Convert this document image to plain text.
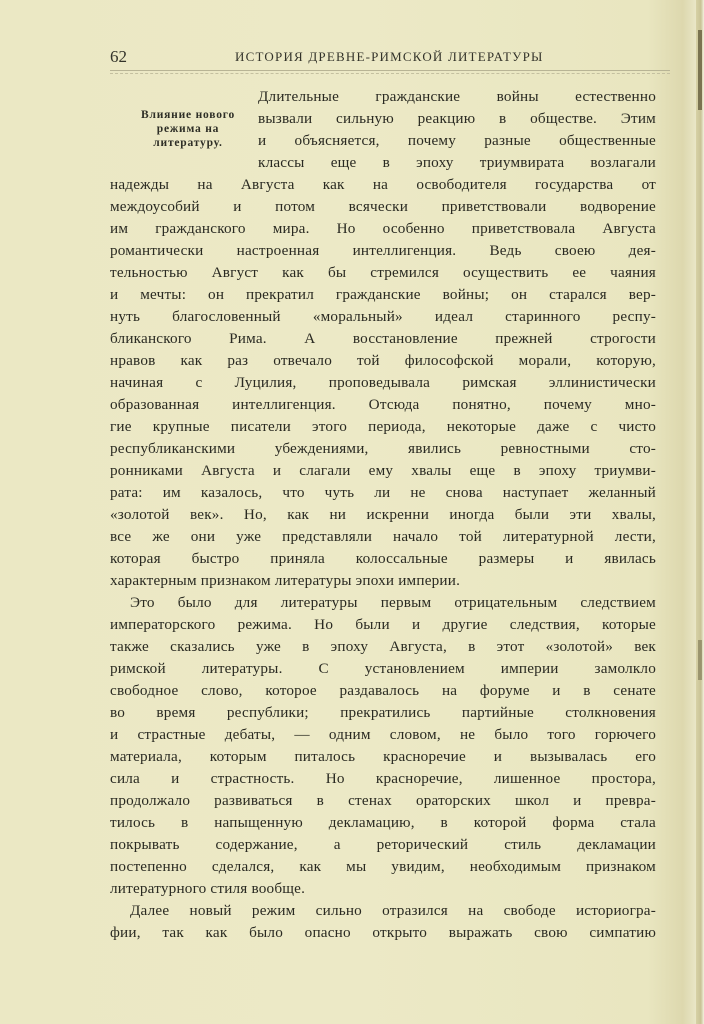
62	ИСТОРИЯ ДРЕВНЕ-РИМСКОЙ ЛИТЕРАТУРЫ
Влияние нового
режима на
литературу.
Длительные гражданские войны естественно
вызвали сильную реакцию в обществе. Этим
и объясняется, почему разные общественные
классы еще в эпоху триумвирата возлагали
надежды на Августа как на освободителя государства от
междоусобий и потом всячески приветствовали водворение
им гражданского мира. Но особенно приветствовала Августа
романтически настроенная интеллигенция. Ведь своею дея-
тельностью Август как бы стремился осуществить ее чаяния
и мечты: он прекратил гражданские войны; он старался вер-
нуть благословенный «моральный» идеал старинного респу-
бликанского Рима. А восстановление прежней строгости
нравов как раз отвечало той философской морали, которую,
начиная с Луцилия, проповедывала римская эллинистически
образованная интеллигенция. Отсюда понятно, почему мно-
гие крупные писатели этого периода, некоторые даже с чисто
республиканскими убеждениями, явились ревностными сто-
ронниками Августа и слагали ему хвалы еще в эпоху триумви-
рата: им казалось, что чуть ли не снова наступает желанный
«золотой век». Но, как ни искренни иногда были эти хвалы,
все же они уже представляли начало той литературной лести,
которая быстро приняла колоссальные размеры и явилась
характерным признаком литературы эпохи империи.
Это было для литературы первым отрицательным следствием
императорского режима. Но были и другие следствия, которые
также сказались уже в эпоху Августа, в этот «золотой» век
римской литературы. С установлением империи замолкло
свободное слово, которое раздавалось на форуме и в сенате
во время республики; прекратились партийные столкновения
и страстные дебаты, — одним словом, не было того горючего
материала, которым питалось красноречие и вызывалась его
сила и страстность. Но красноречие, лишенное простора,
продолжало развиваться в стенах ораторских школ и превра-
тилось в напыщенную декламацию, в которой форма стала
покрывать содержание, а реторический стиль декламации
постепенно сделался, как мы увидим, необходимым признаком
литературного стиля вообще.
Далее новый режим сильно отразился на свободе историогра-
фии, так как было опасно открыто выражать свою симпатию
